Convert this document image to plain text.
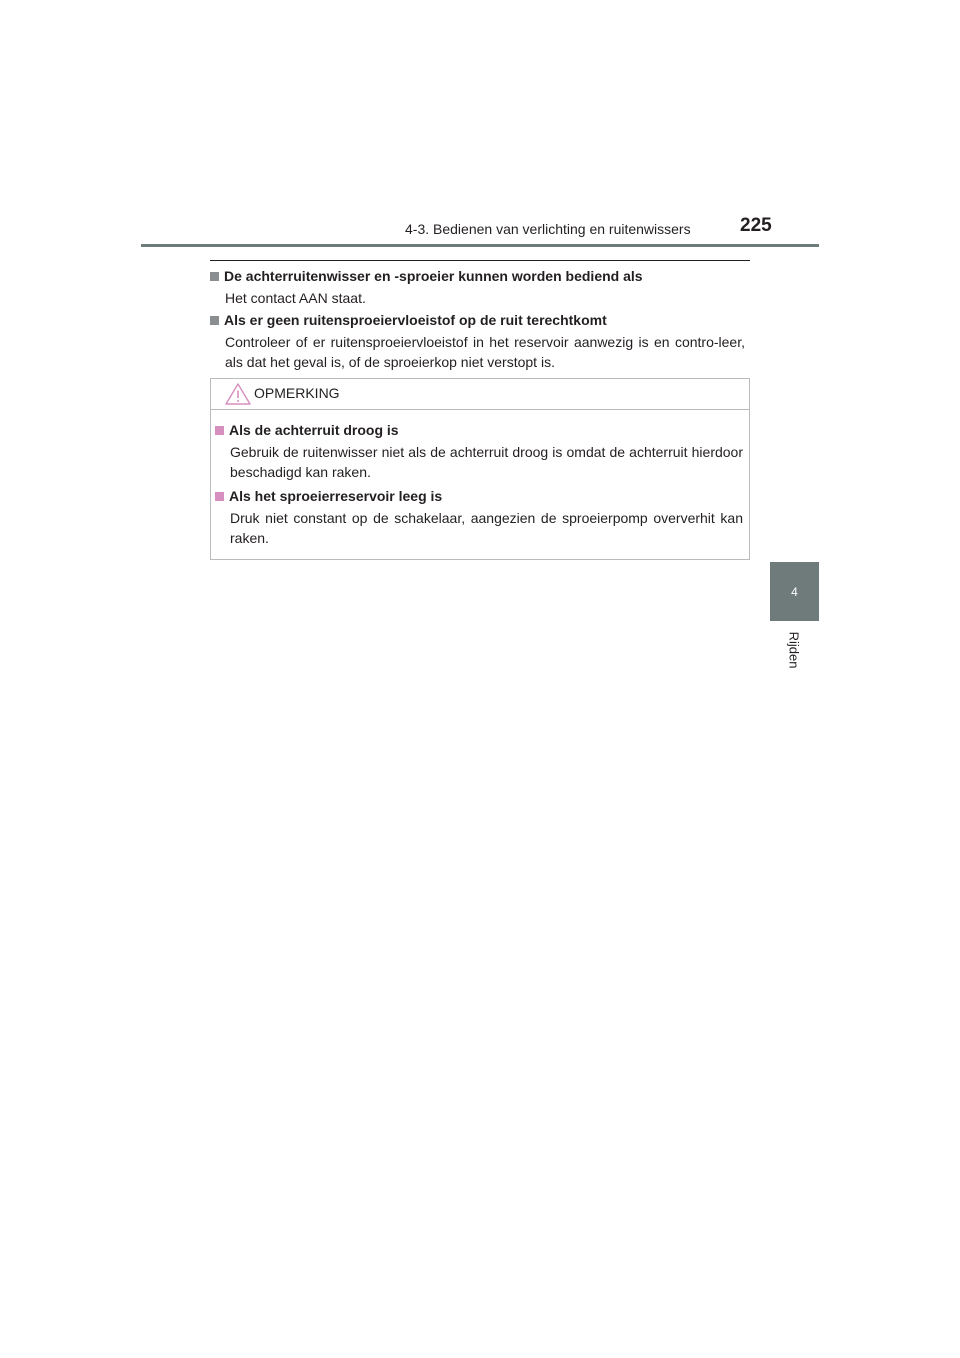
4-3. Bedienen van verlichting en ruitenwissers	225
4
Rijden
De achterruitenwisser en -sproeier kunnen worden bediend als
Het contact AAN staat.
Als er geen ruitensproeiervloeistof op de ruit terechtkomt
Controleer of er ruitensproeiervloeistof in het reservoir aanwezig is en contro-leer, als dat het geval is, of de sproeierkop niet verstopt is.
OPMERKING
Als de achterruit droog is
Gebruik de ruitenwisser niet als de achterruit droog is omdat de achterruit hierdoor beschadigd kan raken.
Als het sproeierreservoir leeg is
Druk niet constant op de schakelaar, aangezien de sproeierpomp oververhit kan raken.
